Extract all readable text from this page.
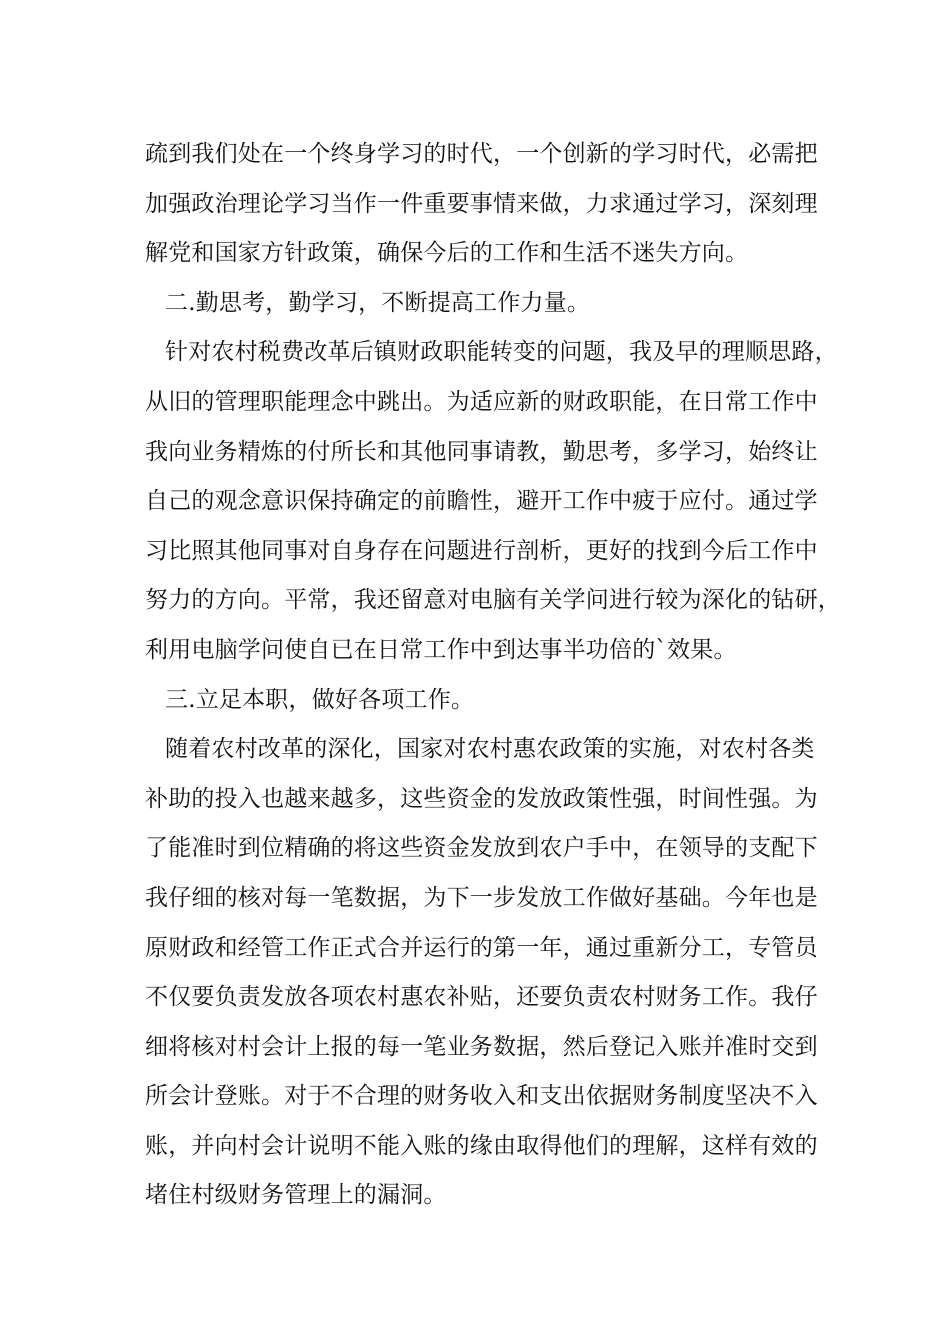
疏到我们处在一个终身学习的时代，一个创新的学习时代，必需把
加强政治理论学习当作一件重要事情来做，力求通过学习，深刻理
解党和国家方针政策，确保今后的工作和生活不迷失方向。
二.勤思考，勤学习，不断提高工作力量。
针对农村税费改革后镇财政职能转变的问题，我及早的理顺思路，
从旧的管理职能理念中跳出。为适应新的财政职能，在日常工作中
我向业务精炼的付所长和其他同事请教，勤思考，多学习，始终让
自己的观念意识保持确定的前瞻性，避开工作中疲于应付。通过学
习比照其他同事对自身存在问题进行剖析，更好的找到今后工作中
努力的方向。平常，我还留意对电脑有关学问进行较为深化的钻研，
利用电脑学问使自已在日常工作中到达事半功倍的`效果。
三.立足本职，做好各项工作。
随着农村改革的深化，国家对农村惠农政策的实施，对农村各类
补助的投入也越来越多，这些资金的发放政策性强，时间性强。为
了能准时到位精确的将这些资金发放到农户手中，在领导的支配下
我仔细的核对每一笔数据，为下一步发放工作做好基础。今年也是
原财政和经管工作正式合并运行的第一年，通过重新分工，专管员
不仅要负责发放各项农村惠农补贴，还要负责农村财务工作。我仔
细将核对村会计上报的每一笔业务数据，然后登记入账并准时交到
所会计登账。对于不合理的财务收入和支出依据财务制度坚决不入
账，并向村会计说明不能入账的缘由取得他们的理解，这样有效的
堵住村级财务管理上的漏洞。
